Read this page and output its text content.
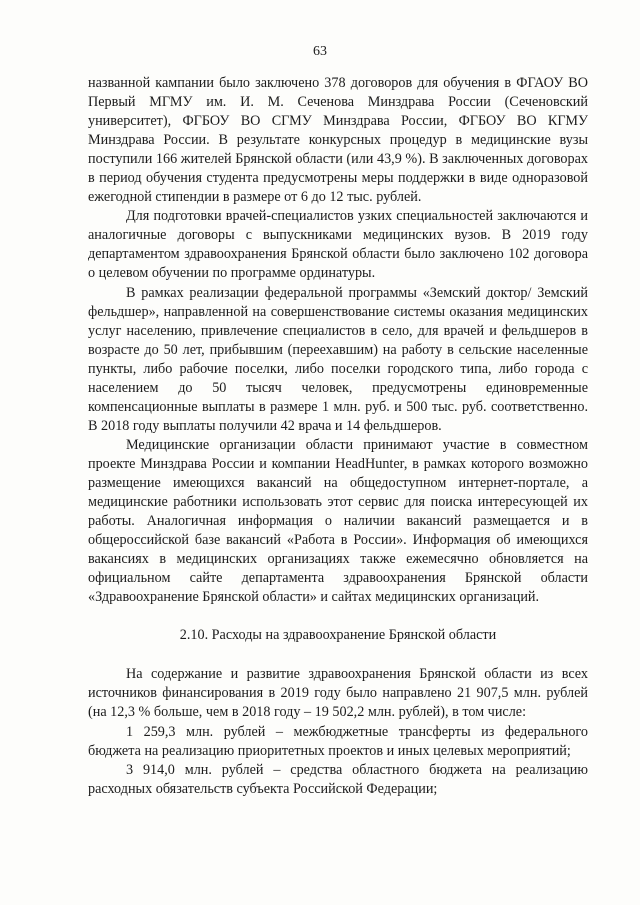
63

названной кампании было заключено 378 договоров для обучения в ФГАОУ ВО Первый МГМУ им. И. М. Сеченова Минздрава России (Сеченовский университет), ФГБОУ ВО СГМУ Минздрава России, ФГБОУ ВО КГМУ Минздрава России. В результате конкурсных процедур в медицинские вузы поступили 166 жителей Брянской области (или 43,9 %). В заключенных договорах в период обучения студента предусмотрены меры поддержки в виде одноразовой ежегодной стипендии в размере от 6 до 12 тыс. рублей.

Для подготовки врачей-специалистов узких специальностей заключаются и аналогичные договоры с выпускниками медицинских вузов. В 2019 году департаментом здравоохранения Брянской области было заключено 102 договора о целевом обучении по программе ординатуры.

В рамках реализации федеральной программы «Земский доктор/ Земский фельдшер», направленной на совершенствование системы оказания медицинских услуг населению, привлечение специалистов в село, для врачей и фельдшеров в возрасте до 50 лет, прибывшим (переехавшим) на работу в сельские населенные пункты, либо рабочие поселки, либо поселки городского типа, либо города с населением до 50 тысяч человек, предусмотрены единовременные компенсационные выплаты в размере 1 млн. руб. и 500 тыс. руб. соответственно. В 2018 году выплаты получили 42 врача и 14 фельдшеров.

Медицинские организации области принимают участие в совместном проекте Минздрава России и компании HeadHunter, в рамках которого возможно размещение имеющихся вакансий на общедоступном интернет-портале, а медицинские работники использовать этот сервис для поиска интересующей их работы. Аналогичная информация о наличии вакансий размещается и в общероссийской базе вакансий «Работа в России». Информация об имеющихся вакансиях в медицинских организациях также ежемесячно обновляется на официальном сайте департамента здравоохранения Брянской области «Здравоохранение Брянской области» и сайтах медицинских организаций.

2.10. Расходы на здравоохранение Брянской области

На содержание и развитие здравоохранения Брянской области из всех источников финансирования в 2019 году было направлено 21 907,5 млн. рублей (на 12,3 % больше, чем в 2018 году – 19 502,2 млн. рублей), в том числе:

1 259,3 млн. рублей – межбюджетные трансферты из федерального бюджета на реализацию приоритетных проектов и иных целевых мероприятий;

3 914,0 млн. рублей – средства областного бюджета на реализацию расходных обязательств субъекта Российской Федерации;
